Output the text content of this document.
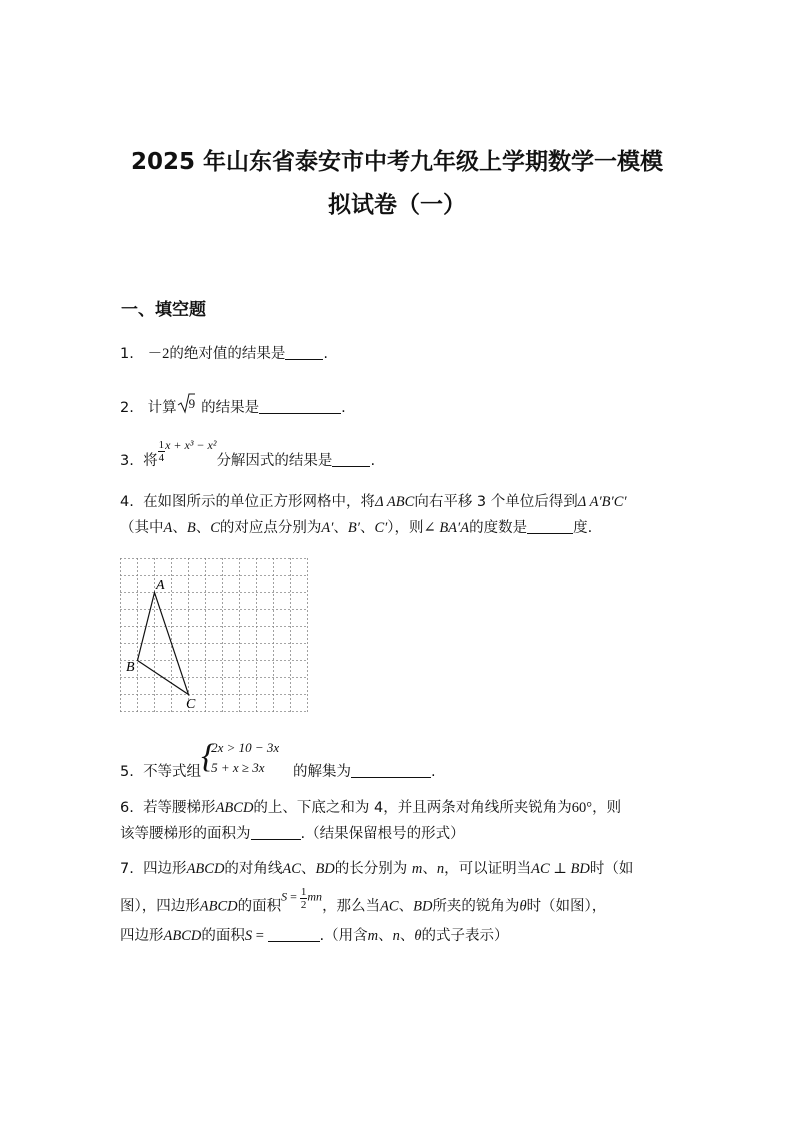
2025 年山东省泰安市中考九年级上学期数学一模模
拟试卷（一）
一、填空题
1. －2的绝对值的结果是	.
2. 计算 9 的结果是	.
3. 将 $\frac{1}{4} ^{x + x^3 - x^2}$分解因式的结果是	.
4. 在如图所示的单位正方形网格中，将Δ ABC向右平移 3 个单位后得到Δ A′B′C′
（其中A、B、C的对应点分别为A′、B′、C′），则∠ BA′A的度数是	度.
A
B
C
5. 不等式组 {
2x > 10 − 3x
5 + x ≥ 3x	的解集为	.
6. 若等腰梯形ABCD的上、下底之和为 4，并且两条对角线所夹锐角为60°，则
该等腰梯形的面积为	.（结果保留根号的形式）
7. 四边形ABCD的对角线AC、BD的长分别为 m、n，可以证明当AC ⊥ BD时（如
图），四边形ABCD的面积$S = \frac{1}{2}$ mn，那么当AC、BD所夹的锐角为θ时（如图），
四边形ABCD的面积S =	.（用含m、n、θ的式子表示）
